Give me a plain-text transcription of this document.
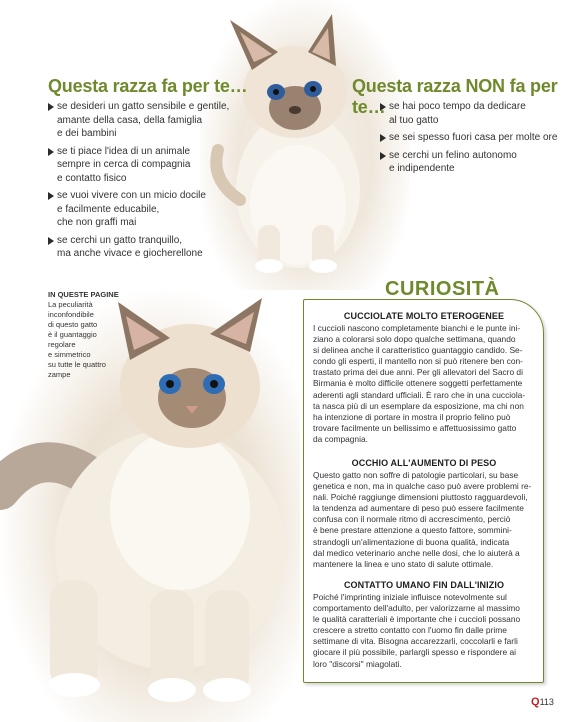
Questa razza fa per te…
se desideri un gatto sensibile e gentile,
amante della casa, della famiglia
e dei bambini
se ti piace l'idea di un animale
sempre in cerca di compagnia
e contatto fisico
se vuoi vivere con un micio docile
e facilmente educabile,
che non graffi mai
se cerchi un gatto tranquillo,
ma anche vivace e giocherellone
Questa razza NON fa per te… se hai poco tempo da dedicare
al tuo gatto
se sei spesso fuori casa per molte ore
se cerchi un felino autonomo
e indipendente
IN QUESTE PAGINE
La peculiarità
inconfondibile
di questo gatto
è il guantaggio
regolare
e simmetrico
su tutte le quattro
zampe
CURIOSITÀ
CUCCIOLATE MOLTO ETEROGENEE

I cuccioli nascono completamente bianchi e le punte ini-
ziano a colorarsi solo dopo qualche settimana, quando
si delinea anche il caratteristico guantaggio candido. Se-
condo gli esperti, il mantello non si può ritenere ben con-
trastato prima dei due anni. Per gli allevatori del Sacro di
Birmania è molto difficile ottenere soggetti perfettamente
aderenti agli standard ufficiali. È raro che in una cucciola-
ta nasca più di un esemplare da esposizione, ma chi non
ha intenzione di portare in mostra il proprio felino può
trovare facilmente un bellissimo e affettuosissimo gatto
da compagnia.

OCCHIO ALL'AUMENTO DI PESO

Questo gatto non soffre di patologie particolari, su base
genetica e non, ma in qualche caso può avere problemi re-
nali. Poiché raggiunge dimensioni piuttosto ragguardevoli,
la tendenza ad aumentare di peso può essere facilmente
confusa con il normale ritmo di accrescimento, perciò
è bene prestare attenzione a questo fattore, sommini-
strandogli un'alimentazione di buona qualità, indicata
dal medico veterinario anche nelle dosi, che lo aiuterà a
mantenere la linea e uno stato di salute ottimale.

CONTATTO UMANO FIN DALL'INIZIO

Poiché l'imprinting iniziale influisce notevolmente sul
comportamento dell'adulto, per valorizzarne al massimo
le qualità caratteriali è importante che i cuccioli possano
crescere a stretto contatto con l'uomo fin dalle prime
settimane di vita. Bisogna accarezzarli, coccolarli e farli
giocare il più possibile, parlargli spesso e rispondere ai
loro "discorsi" miagolati.

Q113
